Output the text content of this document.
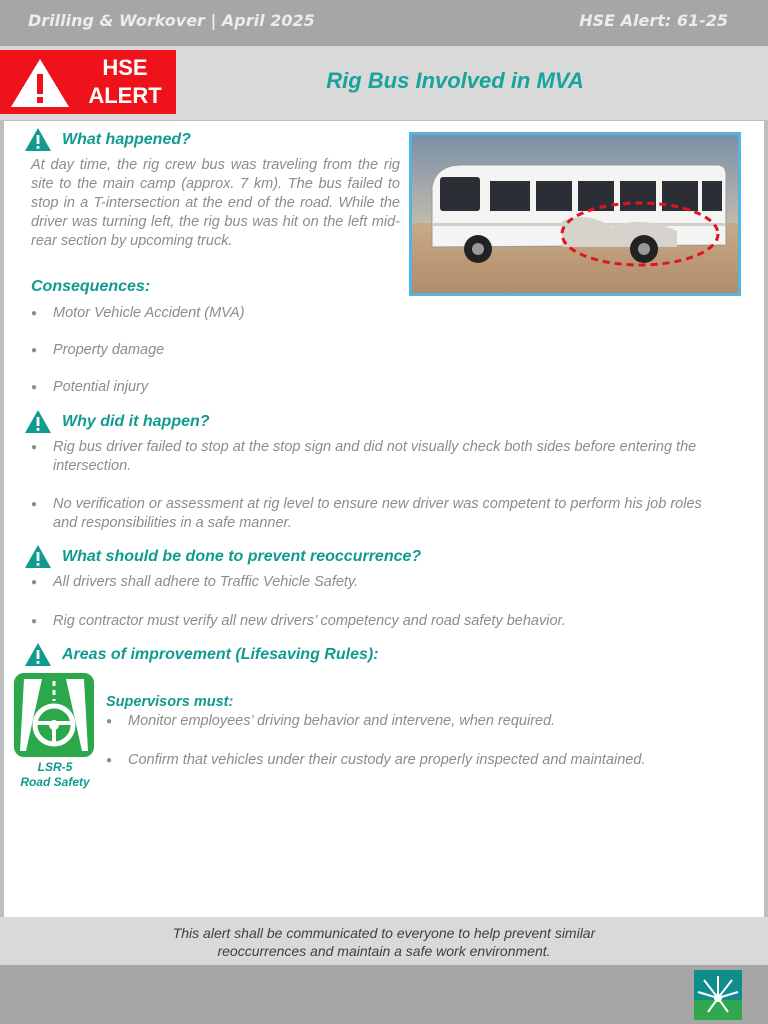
Drilling & Workover | April 2025	HSE Alert: 61-25
HSE
ALERT
Rig Bus Involved in MVA
What happened?
At day time, the rig crew bus was traveling from the rig site to the main camp (approx. 7 km). The bus failed to stop in a T-intersection at the end of the road. While the driver was turning left, the rig bus was hit on the left mid-rear section by upcoming truck.
Consequences:
● Motor Vehicle Accident (MVA)
● Property damage
● Potential injury
Why did it happen?
● Rig bus driver failed to stop at the stop sign and did not visually check both sides before entering the intersection.
● No verification or assessment at rig level to ensure new driver was competent to perform his job roles and responsibilities in a safe manner.
What should be done to prevent reoccurrence?
● All drivers shall adhere to Traffic Vehicle Safety.
● Rig contractor must verify all new drivers’ competency and road safety behavior.
Areas of improvement (Lifesaving Rules):
LSR-5
Road Safety
Supervisors must:
● Monitor employees’ driving behavior and intervene, when required.
● Confirm that vehicles under their custody are properly inspected and maintained.
This alert shall be communicated to everyone to help prevent similar
reoccurrences and maintain a safe work environment.
